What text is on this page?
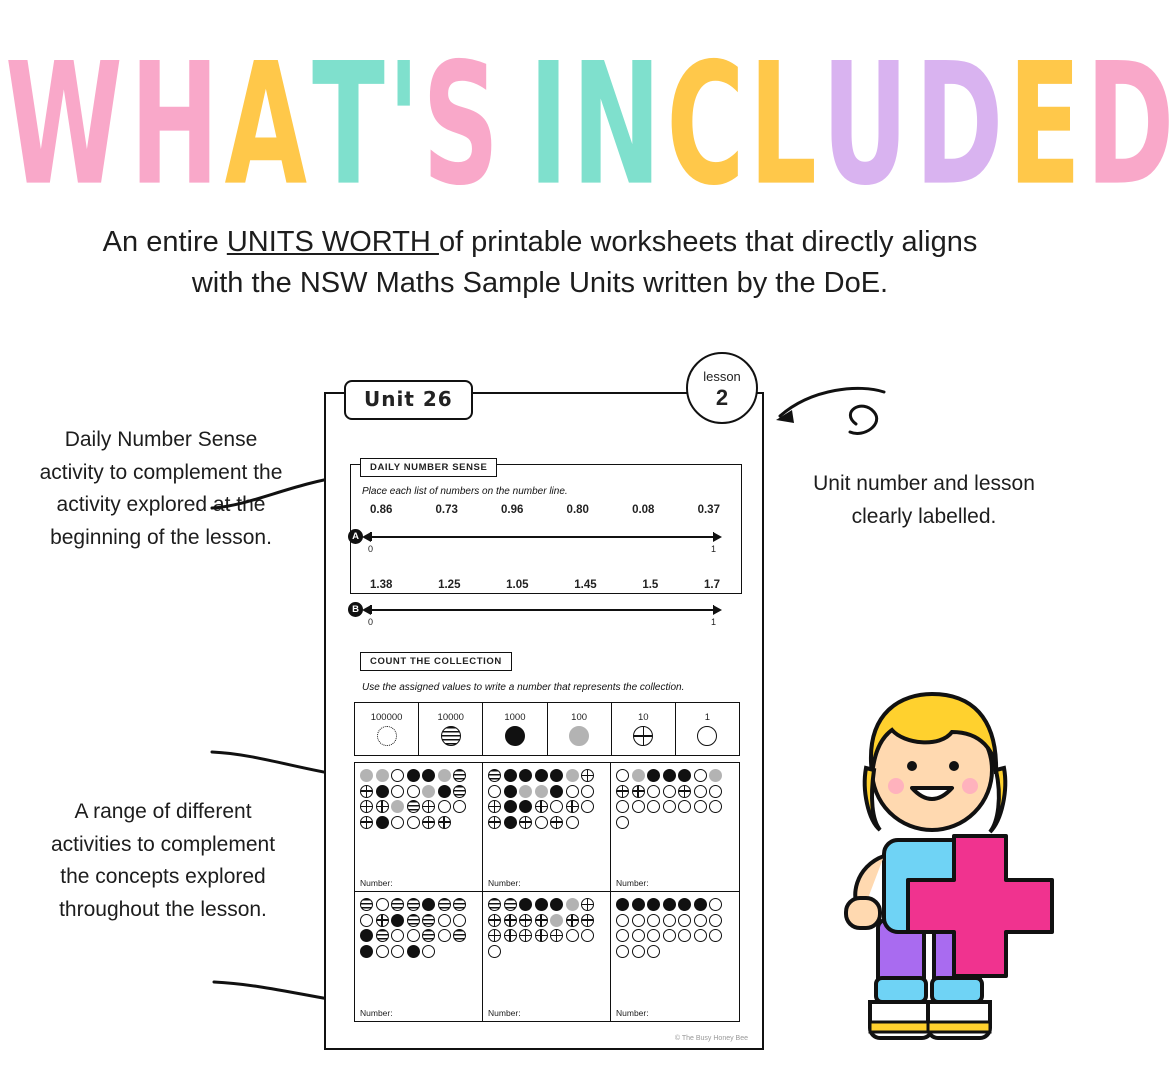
WHAT'S INCLUDED
An entire UNITS WORTH of printable worksheets that directly aligns with the NSW Maths Sample Units written by the DoE.
Daily Number Sense activity to complement the activity explored at the beginning of the lesson.
A range of different activities to complement the concepts explored throughout the lesson.
Unit number and lesson clearly labelled.
Unit 26
lesson
2
DAILY NUMBER SENSE
Place each list of numbers on the number line.
0.86	0.73	0.96	0.80	0.08	0.37
A
0	1
1.38	1.25	1.05	1.45	1.5	1.7
B
0	1
COUNT THE COLLECTION
Use the assigned values to write a number that represents the collection.
100000	10000	1000	100	10	1
Number:	Number:	Number:
Number:	Number:	Number:
© The Busy Honey Bee
